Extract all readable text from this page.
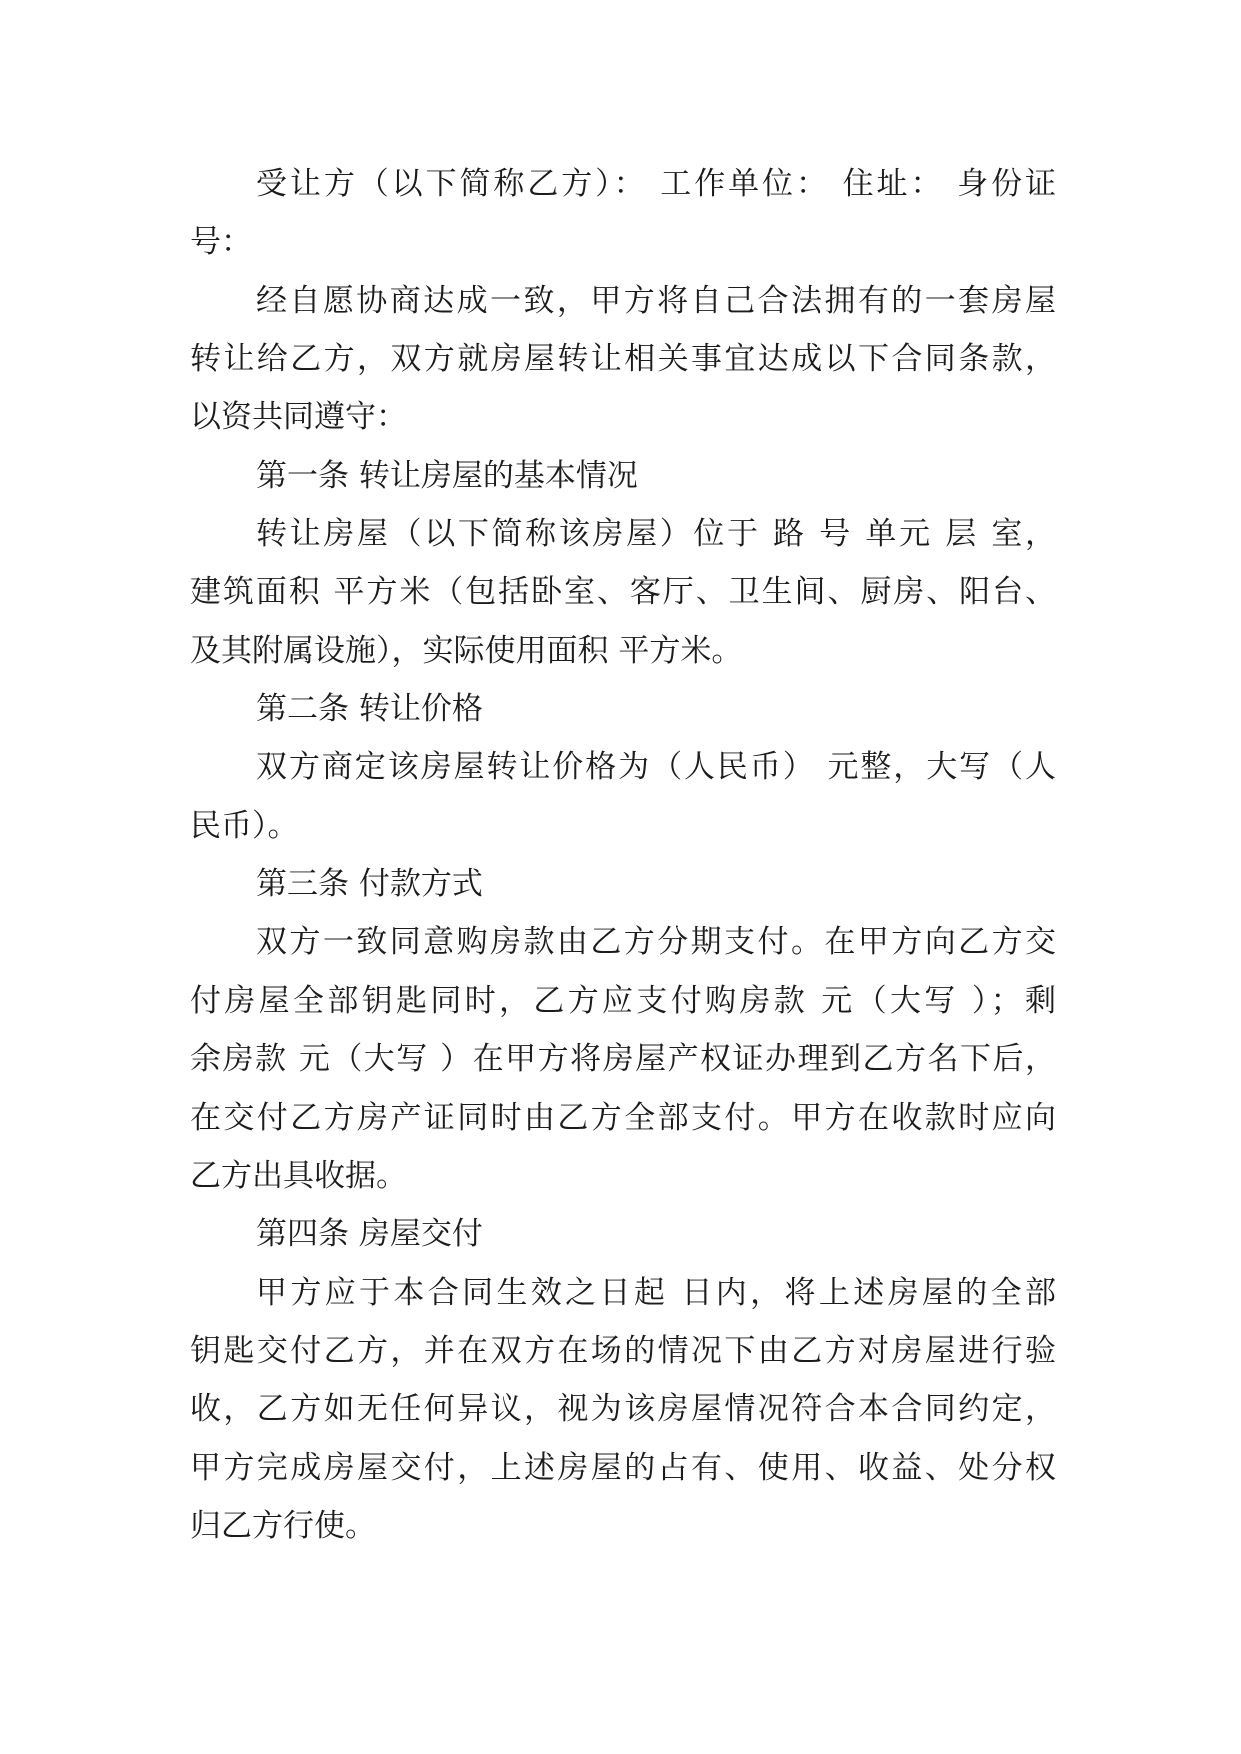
受让方（以下简称乙方）： 工作单位： 住址： 身份证
号：
经自愿协商达成一致，甲方将自己合法拥有的一套房屋
转让给乙方，双方就房屋转让相关事宜达成以下合同条款，
以资共同遵守：
第一条 转让房屋的基本情况
转让房屋（以下简称该房屋）位于 路 号 单元 层 室，
建筑面积 平方米（包括卧室、客厅、卫生间、厨房、阳台、
及其附属设施），实际使用面积 平方米。
第二条 转让价格
双方商定该房屋转让价格为（人民币） 元整，大写（人
民币）。
第三条 付款方式
双方一致同意购房款由乙方分期支付。在甲方向乙方交
付房屋全部钥匙同时，乙方应支付购房款 元（大写 ）；剩
余房款 元（大写 ）在甲方将房屋产权证办理到乙方名下后，
在交付乙方房产证同时由乙方全部支付。甲方在收款时应向
乙方出具收据。
第四条 房屋交付
甲方应于本合同生效之日起 日内，将上述房屋的全部
钥匙交付乙方，并在双方在场的情况下由乙方对房屋进行验
收，乙方如无任何异议，视为该房屋情况符合本合同约定，
甲方完成房屋交付，上述房屋的占有、使用、收益、处分权
归乙方行使。
